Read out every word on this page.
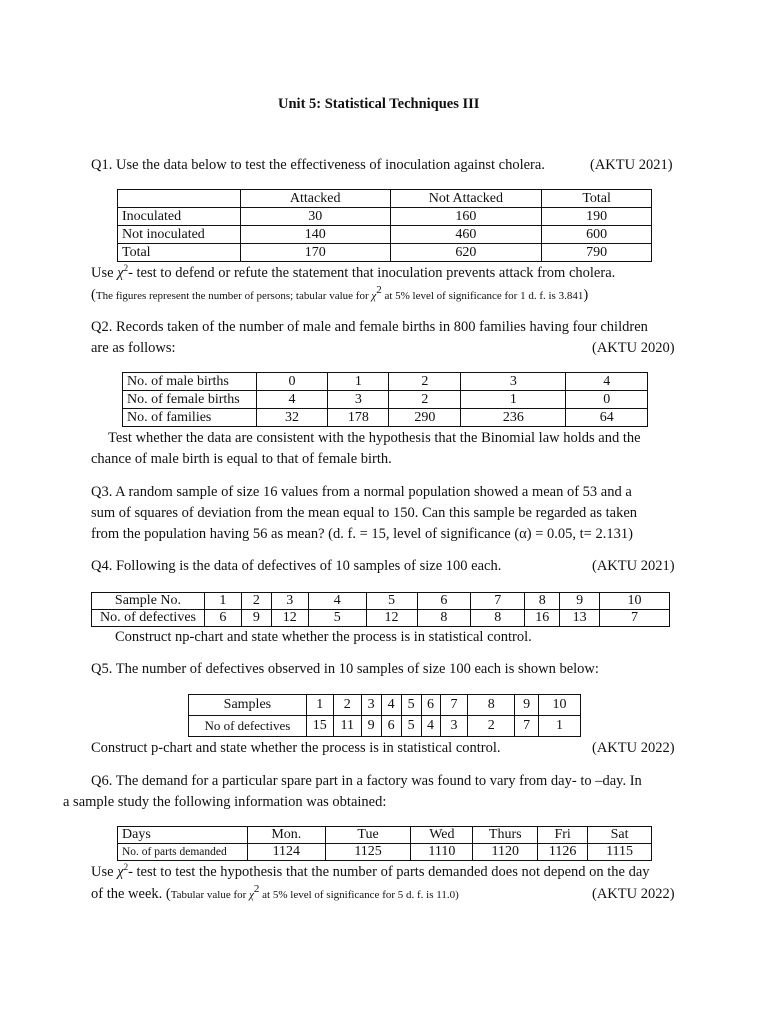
Unit 5: Statistical Techniques III
Q1. Use the data below to test the effectiveness of inoculation against cholera.	(AKTU 2021)
	Attacked	Not Attacked	Total
Inoculated	30	160	190
Not inoculated	140	460	600
Total	170	620	790
Use $\chi^2-$ test to defend or refute the statement that inoculation prevents attack from cholera.
(The figures represent the number of persons; tabular value for $\chi^2$ at 5% level of significance for 1 d. f. is 3.841)
Q2. Records taken of the number of male and female births in 800 families having four children
are as follows:	(AKTU 2020)
No. of male births	0	1	2	3	4
No. of female births	4	3	2	1	0
No. of families	32	178	290	236	64
Test whether the data are consistent with the hypothesis that the Binomial law holds and the
chance of male birth is equal to that of female birth.
Q3. A random sample of size 16 values from a normal population showed a mean of 53 and a
sum of squares of deviation from the mean equal to 150. Can this sample be regarded as taken
from the population having 56 as mean? (d. f. = 15, level of significance (α) = 0.05, t= 2.131)
Q4. Following is the data of defectives of 10 samples of size 100 each.	(AKTU 2021)
Sample No.	1	2	3	4	5	6	7	8	9	10
No. of defectives	6	9	12	5	12	8	8	16	13	7
Construct np-chart and state whether the process is in statistical control.
Q5. The number of defectives observed in 10 samples of size 100 each is shown below:
Samples	1	2	3	4	5	6	7	8	9	10
No of defectives	15	11	9	6	5	4	3	2	7	1
Construct p-chart and state whether the process is in statistical control.	(AKTU 2022)
Q6. The demand for a particular spare part in a factory was found to vary from day- to –day. In
a sample study the following information was obtained:
Days	Mon.	Tue	Wed	Thurs	Fri	Sat
No. of parts demanded	1124	1125	1110	1120	1126	1115
Use $\chi^2-$ test to test the hypothesis that the number of parts demanded does not depend on the day
of the week. (Tabular value for $\chi^2$ at 5% level of significance for 5 d. f. is 11.0)	(AKTU 2022)
